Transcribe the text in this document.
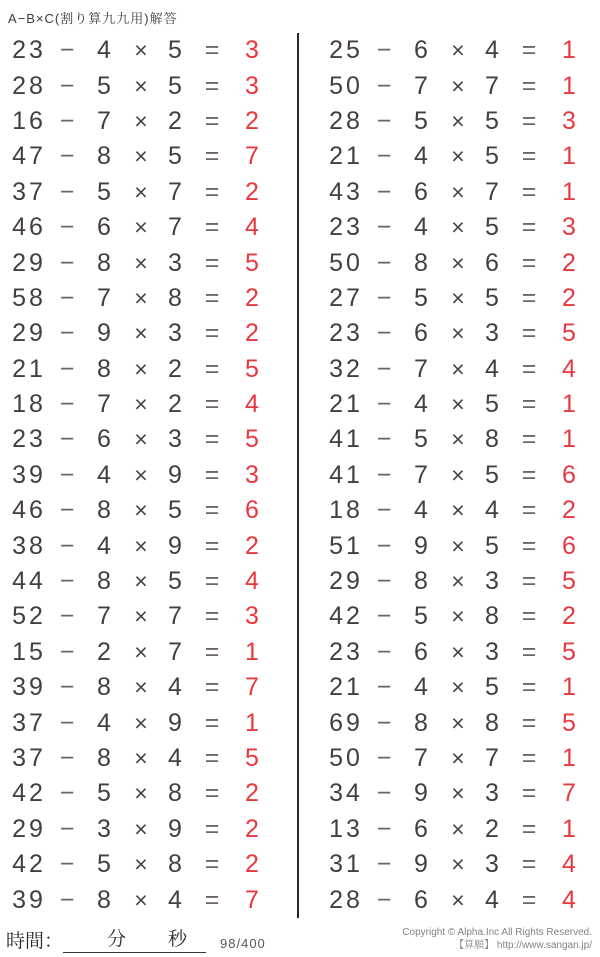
A−B×C(割り算九九用)解答
23 − 4	× 5 =	3
28 − 5	× 5 =	3
16 − 7	× 2 =	2
47 − 8	× 5 =	7
37 − 5	× 7 =	2
46 − 6	× 7 =	4
29 − 8	× 3 =	5
58 − 7	× 8 =	2
29 − 9	× 3 =	2
21 − 8	× 2 =	5
18 − 7	× 2 =	4
23 − 6	× 3 =	5
39 − 4	× 9 =	3
46 − 8	× 5 =	6
38 − 4	× 9 =	2
44 − 8	× 5 =	4
52 − 7	× 7 =	3
15 − 2	× 7 =	1
39 − 8	× 4 =	7
37 − 4	× 9 =	1
37 − 8	× 4 =	5
42 − 5	× 8 =	2
29 − 3	× 9 =	2
42 − 5	× 8 =	2
39 − 8	× 4 =	7
25 − 6	× 4 =	1
50 − 7	× 7 =	1
28 − 5	× 5 =	3
21 − 4	× 5 =	1
43 − 6	× 7 =	1
23 − 4	× 5 =	3
50 − 8	× 6 =	2
27 − 5	× 5 =	2
23 − 6	× 3 =	5
32 − 7	× 4 =	4
21 − 4	× 5 =	1
41 − 5	× 8 =	1
41 − 7	× 5 =	6
18 − 4	× 4 =	2
51 − 9	× 5 =	6
29 − 8	× 3 =	5
42 − 5	× 8 =	2
23 − 6	× 3 =	5
21 − 4	× 5 =	1
69 − 8	× 8 =	5
50 − 7	× 7 =	1
34 − 9	× 3 =	7
13 − 6	× 2 =	1
31 − 9	× 3 =	4
28 − 6	× 4 =	4
時間： 分 秒	98/400
Copyright © Alpha.Inc All Rights Reserved.
【算願】 http://www.sangan.jp/
